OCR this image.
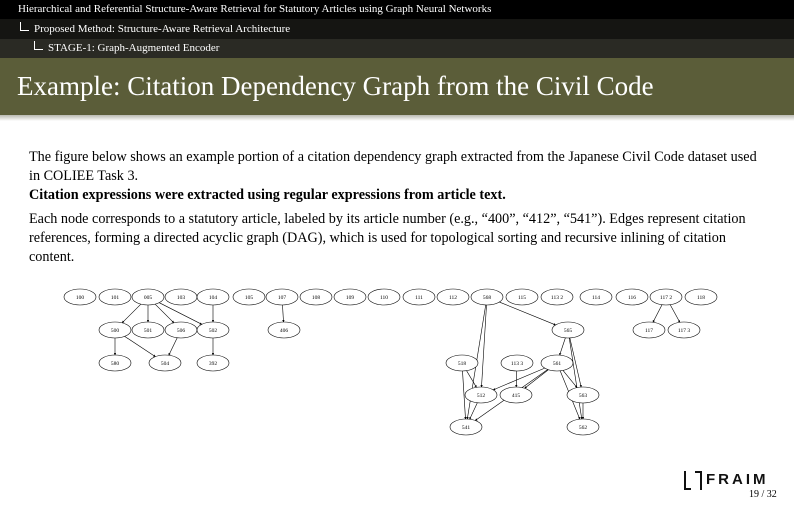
Hierarchical and Referential Structure-Aware Retrieval for Statutory Articles using Graph Neural Networks
Proposed Method: Structure-Aware Retrieval Architecture
STAGE-1: Graph-Augmented Encoder
Example: Citation Dependency Graph from the Civil Code

The figure below shows an example portion of a citation dependency graph extracted from the Japanese Civil Code dataset used in COLIEE Task 3.
Citation expressions were extracted using regular expressions from article text.

Each node corresponds to a statutory article, labeled by its article number (e.g., “400”, “412”, “541”). Edges represent citation references, forming a directed acyclic graph (DAG), which is used for topological sorting and recursive inlining of citation content.

100	101	005	103	104	105	107	108	109	110	111	112	568	115	113 2	114	116	117 2	118
500	501	506	502	406	565	117	117 3
580	504	392	518	113 3	561
512	415	563
541	562
FRAIM
19 / 32
